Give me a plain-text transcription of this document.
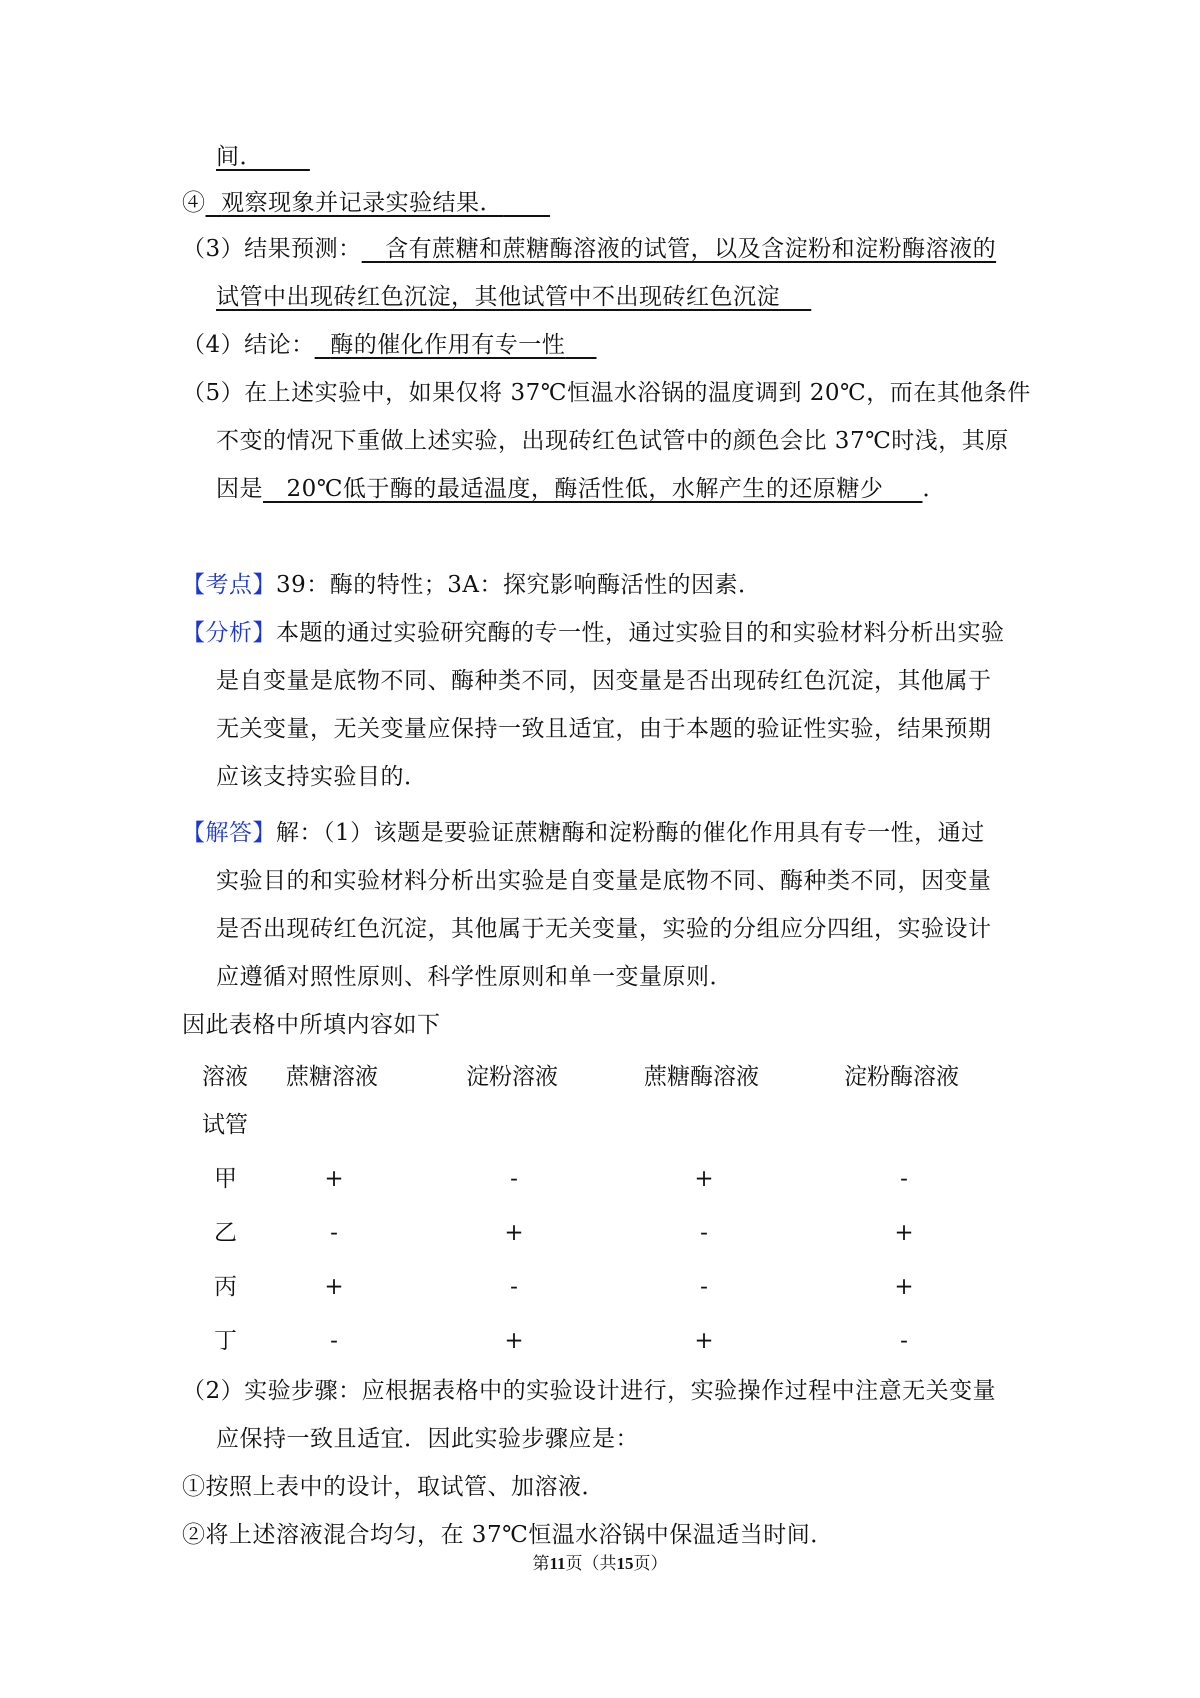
间．
④ 观察现象并记录实验结果．
（3）结果预测： 含有蔗糖和蔗糖酶溶液的试管，以及含淀粉和淀粉酶溶液的
试管中出现砖红色沉淀，其他试管中不出现砖红色沉淀
（4）结论： 酶的催化作用有专一性
（5）在上述实验中，如果仅将 37℃恒温水浴锅的温度调到 20℃，而在其他条件
不变的情况下重做上述实验，出现砖红色试管中的颜色会比 37℃时浅，其原
因是 20℃低于酶的最适温度，酶活性低，水解产生的还原糖少 ．
【考点】39：酶的特性；3A：探究影响酶活性的因素．
【分析】本题的通过实验研究酶的专一性，通过实验目的和实验材料分析出实验
是自变量是底物不同、酶种类不同，因变量是否出现砖红色沉淀，其他属于
无关变量，无关变量应保持一致且适宜，由于本题的验证性实验，结果预期
应该支持实验目的．
【解答】解：（1）该题是要验证蔗糖酶和淀粉酶的催化作用具有专一性，通过
实验目的和实验材料分析出实验是自变量是底物不同、酶种类不同，因变量
是否出现砖红色沉淀，其他属于无关变量，实验的分组应分四组，实验设计
应遵循对照性原则、科学性原则和单一变量原则．
因此表格中所填内容如下
溶液
试管
蔗糖溶液	淀粉溶液	蔗糖酶溶液	淀粉酶溶液
甲	+	-	+	-
乙	-	+	-	+
丙	+	-	-	+
丁	-	+	+	-
（2）实验步骤：应根据表格中的实验设计进行，实验操作过程中注意无关变量
应保持一致且适宜．因此实验步骤应是：
①按照上表中的设计，取试管、加溶液．
②将上述溶液混合均匀，在 37℃恒温水浴锅中保温适当时间．
第11页（共15页）
